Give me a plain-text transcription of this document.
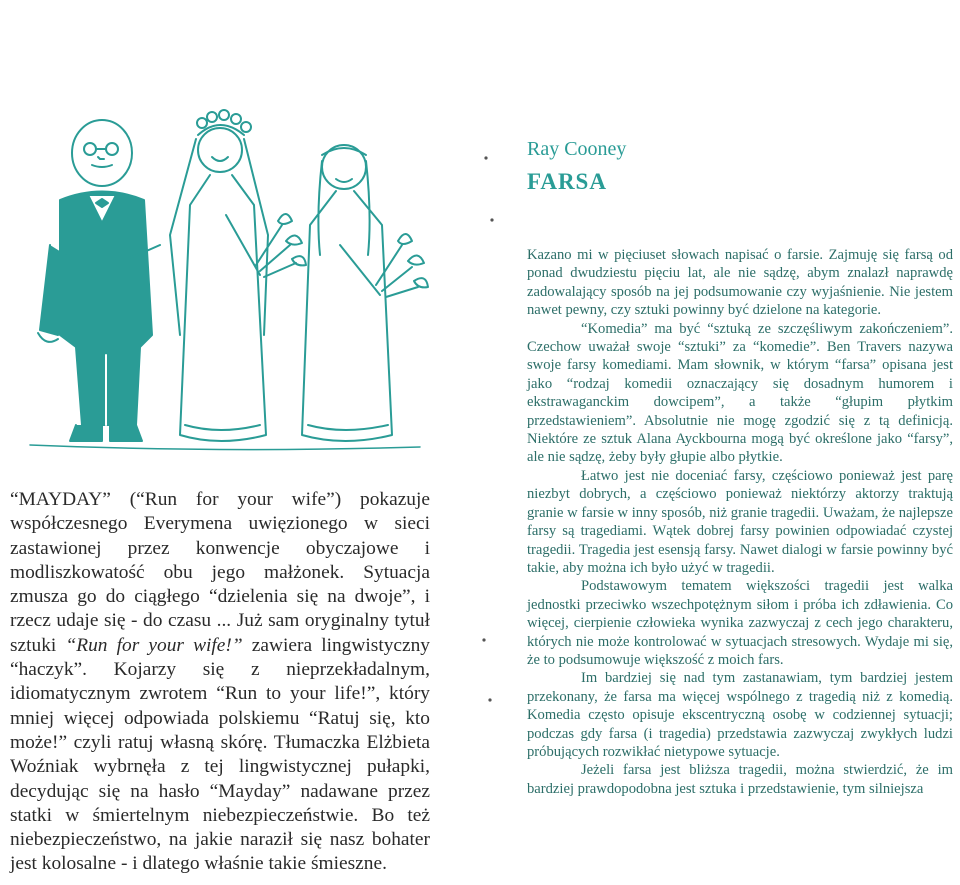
“MAYDAY” (“Run for your wife”) pokazuje współczesnego Everymena uwięzionego w sieci zastawionej przez konwencje obyczajowe i modliszkowatość obu jego małżonek. Sytuacja zmusza go do ciągłego “dzielenia się na dwoje”, i rzecz udaje się - do czasu ... Już sam oryginalny tytuł sztuki “Run for your wife!” zawiera lingwistyczny “haczyk”. Kojarzy się z nieprzekładalnym, idiomatycznym zwrotem “Run to your life!”, który mniej więcej odpowiada polskiemu “Ratuj się, kto może!” czyli ratuj własną skórę. Tłumaczka Elżbieta Woźniak wybrnęła z tej lingwistycznej pułapki, decydując się na hasło “Mayday” nadawane przez statki w śmiertelnym niebezpieczeństwie. Bo też niebezpieczeństwo, na jakie naraził się nasz bohater jest kolosalne - i dlatego właśnie takie śmieszne.

Ray Cooney

FARSA

Kazano mi w pięciuset słowach napisać o farsie. Zajmuję się farsą od ponad dwudziestu pięciu lat, ale nie sądzę, abym znalazł naprawdę zadowalający sposób na jej podsumowanie czy wyjaśnienie. Nie jestem nawet pewny, czy sztuki powinny być dzielone na kategorie.

“Komedia” ma być “sztuką ze szczęśliwym zakończeniem”. Czechow uważał swoje “sztuki” za “komedie”. Ben Travers nazywa swoje farsy komediami. Mam słownik, w którym “farsa” opisana jest jako “rodzaj komedii oznaczający się dosadnym humorem i ekstrawaganckim dowcipem”, a także “głupim płytkim przedstawieniem”. Absolutnie nie mogę zgodzić się z tą definicją. Niektóre ze sztuk Alana Ayckbourna mogą być określone jako “farsy”, ale nie sądzę, żeby były głupie albo płytkie.

Łatwo jest nie doceniać farsy, częściowo ponieważ jest parę niezbyt dobrych, a częściowo ponieważ niektórzy aktorzy traktują granie w farsie w inny sposób, niż granie tragedii. Uważam, że najlepsze farsy są tragediami. Wątek dobrej farsy powinien odpowiadać czystej tragedii. Tragedia jest esensją farsy. Nawet dialogi w farsie powinny być takie, aby można ich było użyć w tragedii.

Podstawowym tematem większości tragedii jest walka jednostki przeciwko wszechpotężnym siłom i próba ich zdławienia. Co więcej, cierpienie człowieka wynika zazwyczaj z cech jego charakteru, których nie może kontrolować w sytuacjach stresowych. Wydaje mi się, że to podsumowuje większość z moich fars.

Im bardziej się nad tym zastanawiam, tym bardziej jestem przekonany, że farsa ma więcej wspólnego z tragedią niż z komedią. Komedia często opisuje ekscentryczną osobę w codziennej sytuacji; podczas gdy farsa (i tragedia) przedstawia zazwyczaj zwykłych ludzi próbujących rozwikłać nietypowe sytuacje.

Jeżeli farsa jest bliższa tragedii, można stwierdzić, że im bardziej prawdopodobna jest sztuka i przedstawienie, tym silniejsza
